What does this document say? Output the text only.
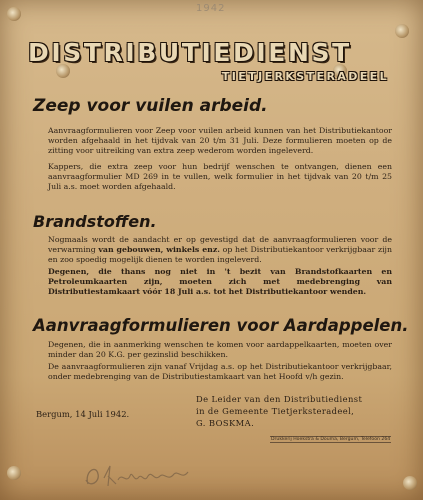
1942
DISTRIBUTIEDIENST
TIETJERKSTERADEEL
Zeep voor vuilen arbeid.

Aanvraagformulieren voor Zeep voor vuilen arbeid kunnen van het Distributiekantoor worden afgehaald in het tijdvak van 20 t/m 31 Juli. Deze formulieren moeten op de zitting voor uitreiking van extra zeep wederom worden ingeleverd.

Kappers, die extra zeep voor hun bedrijf wenschen te ontvangen, dienen een aanvraagformulier MD 269 in te vullen, welk formulier in het tijdvak van 20 t/m 25 Juli a.s. moet worden afgehaald.

Brandstoffen.

Nogmaals wordt de aandacht er op gevestigd dat de aanvraagformulieren voor de verwarming van gebouwen, winkels enz. op het Distributiekantoor verkrijgbaar zijn en zoo spoedig mogelijk dienen te worden ingeleverd.

Degenen, die thans nog niet in 't bezit van Brandstofkaarten en Petroleumkaarten zijn, moeten zich met medebrenging van Distributiestamkaart vóór 18 Juli a.s. tot het Distributiekantoor wenden.

Aanvraagformulieren voor Aardappelen.

Degenen, die in aanmerking wenschen te komen voor aardappelkaarten, moeten over minder dan 20 K.G. per gezinslid beschikken.

De aanvraagformulieren zijn vanaf Vrijdag a.s. op het Distributiekantoor verkrijgbaar, onder medebrenging van de Distributiestamkaart van het Hoofd v/h gezin.

Bergum, 14 Juli 1942.
De Leider van den Distributiedienst
in de Gemeente Tietjerksteradeel,
G. BOSKMA.
Drukkerij Hoekstra & Douma, Bergum, Telefoon 264
